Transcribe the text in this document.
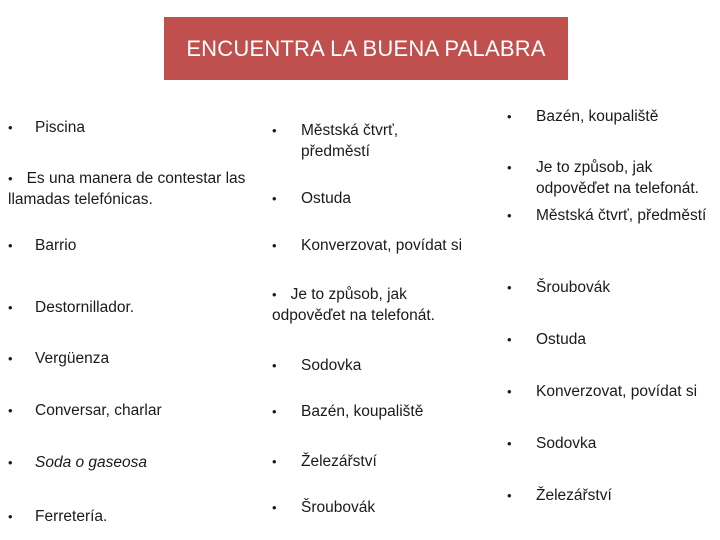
ENCUENTRA LA BUENA PALABRA
•	Piscina
• Es una manera de contestar las llamadas telefónicas.
•	Barrio
•	Destornillador.
•	Vergüenza
•	Conversar, charlar
•	Soda o gaseosa
•	Ferretería.
•	Městská čtvrť, předměstí
•	Ostuda
•	Konverzovat, povídat si
• Je to způsob, jak odpověďet na telefonát.
•	Sodovka
•	Bazén, koupaliště
•	Železářství
•	Šroubovák
•	Bazén, koupaliště
•	Je to způsob, jak odpověďet na telefonát.
•	Městská čtvrť, předměstí
•	Šroubovák
•	Ostuda
•	Konverzovat, povídat si
•	Sodovka
•	Železářství
